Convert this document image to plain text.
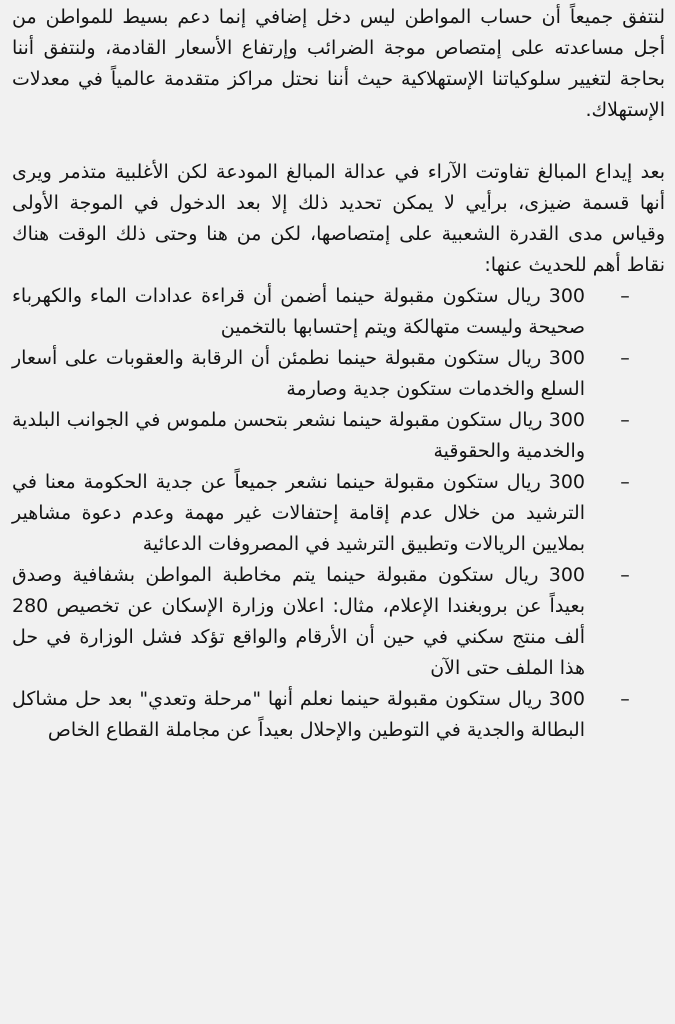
لنتفق جميعاً أن حساب المواطن ليس دخل إضافي إنما دعم بسيط للمواطن من أجل مساعدته على إمتصاص موجة الضرائب وإرتفاع الأسعار القادمة، ولنتفق أننا بحاجة لتغيير سلوكياتنا الإستهلاكية حيث أننا نحتل مراكز متقدمة عالمياً في معدلات الإستهلاك.

بعد إيداع المبالغ تفاوتت الآراء في عدالة المبالغ المودعة لكن الأغلبية متذمر ويرى أنها قسمة ضيزى، برأيي لا يمكن تحديد ذلك إلا بعد الدخول في الموجة الأولى وقياس مدى القدرة الشعبية على إمتصاصها، لكن من هنا وحتى ذلك الوقت هناك نقاط أهم للحديث عنها:

–
300 ريال ستكون مقبولة حينما أضمن أن قراءة عدادات الماء والكهرباء صحيحة وليست متهالكة ويتم إحتسابها بالتخمين
–
300 ريال ستكون مقبولة حينما نطمئن أن الرقابة والعقوبات على أسعار السلع والخدمات ستكون جدية وصارمة
–
300 ريال ستكون مقبولة حينما نشعر بتحسن ملموس في الجوانب البلدية والخدمية والحقوقية
–
300 ريال ستكون مقبولة حينما نشعر جميعاً عن جدية الحكومة معنا في الترشيد من خلال عدم إقامة إحتفالات غير مهمة وعدم دعوة مشاهير بملايين الريالات وتطبيق الترشيد في المصروفات الدعائية
–
300 ريال ستكون مقبولة حينما يتم مخاطبة المواطن بشفافية وصدق بعيداً عن بروبغندا الإعلام، مثال: اعلان وزارة الإسكان عن تخصيص 280 ألف منتج سكني في حين أن الأرقام والواقع تؤكد فشل الوزارة في حل هذا الملف حتى الآن
–
300 ريال ستكون مقبولة حينما نعلم أنها "مرحلة وتعدي" بعد حل مشاكل البطالة والجدية في التوطين والإحلال بعيداً عن مجاملة القطاع الخاص
